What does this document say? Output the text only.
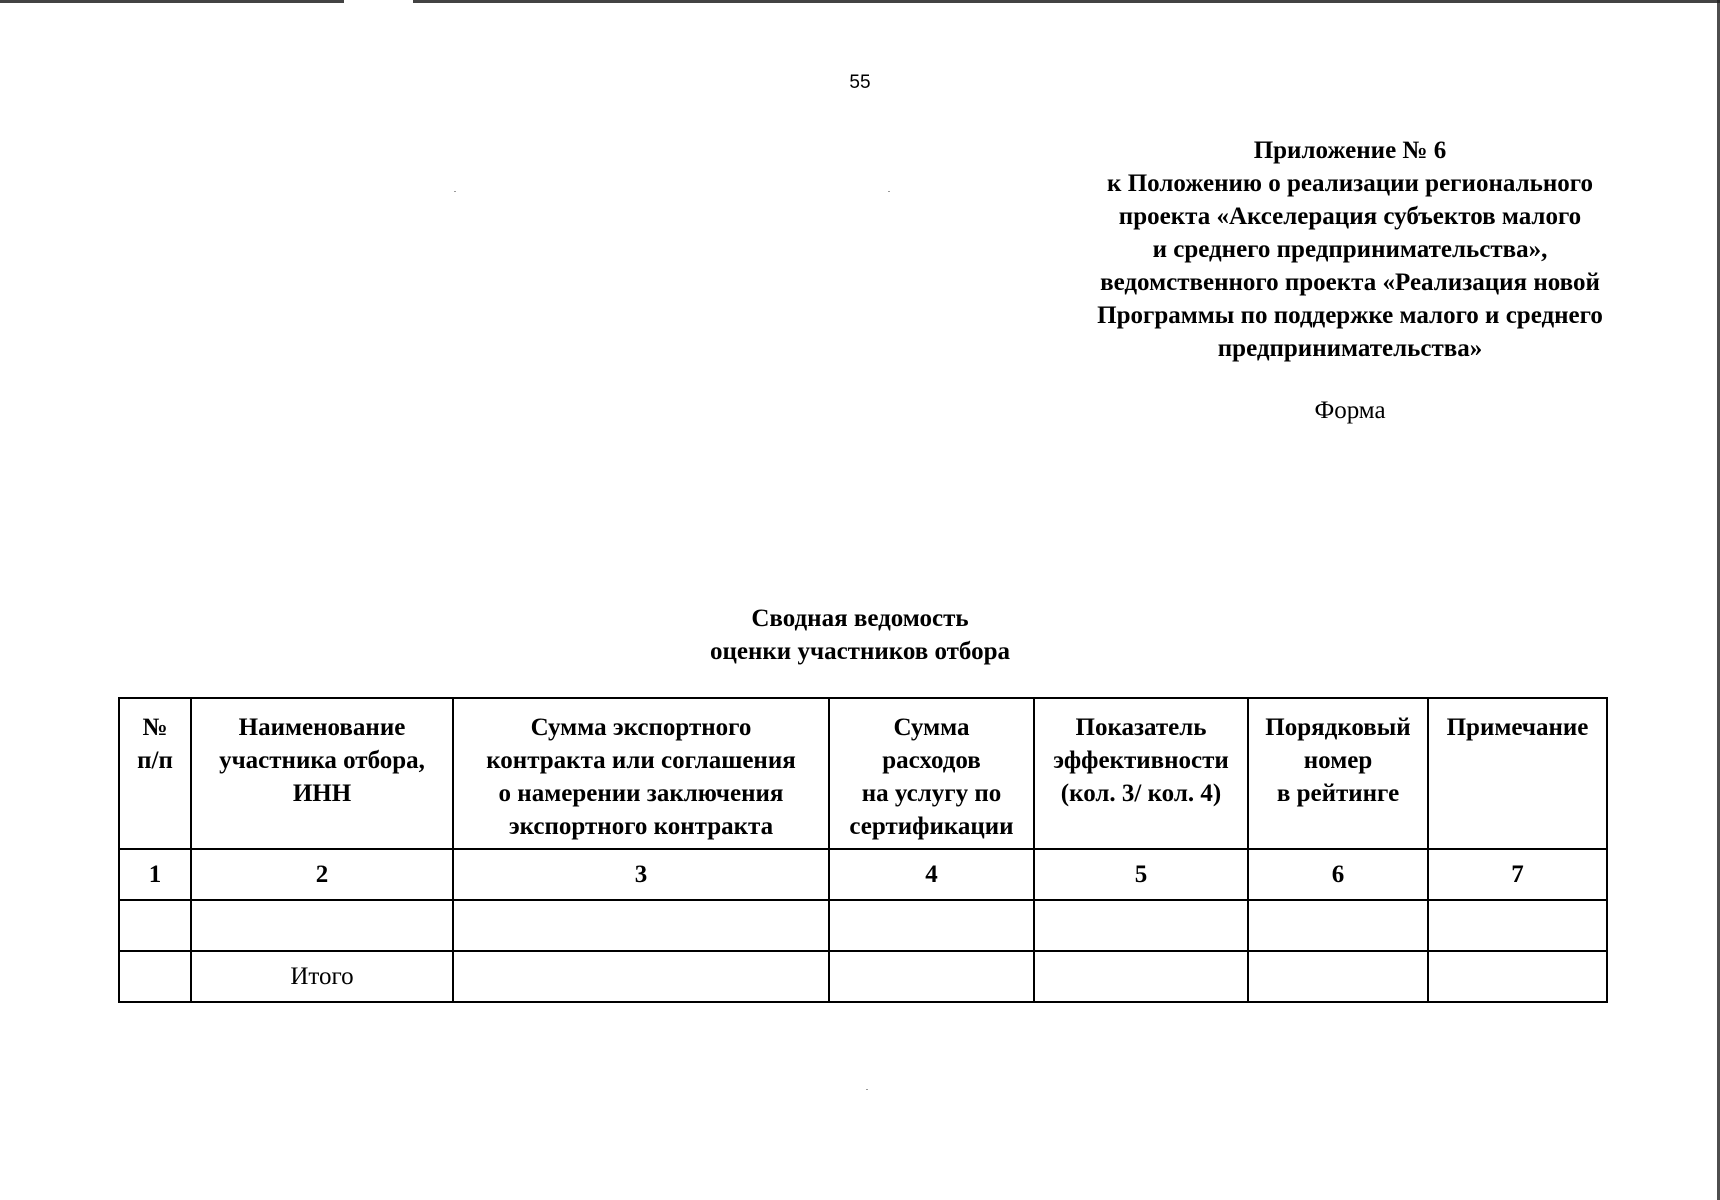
55
Приложение № 6
к Положению о реализации регионального
проекта «Акселерация субъектов малого
и среднего предпринимательства»,
ведомственного проекта «Реализация новой
Программы по поддержке малого и среднего
предпринимательства»
Форма
Сводная ведомость
оценки участников отбора
№
п/п	Наименование
участника отбора,
ИНН	Сумма экспортного
контракта или соглашения
о намерении заключения
экспортного контракта	Сумма
расходов
на услугу по
сертификации	Показатель
эффективности
(кол. 3/ кол. 4)	Порядковый
номер
в рейтинге	Примечание

1	2	3	4	5	6	7

	Итого					
